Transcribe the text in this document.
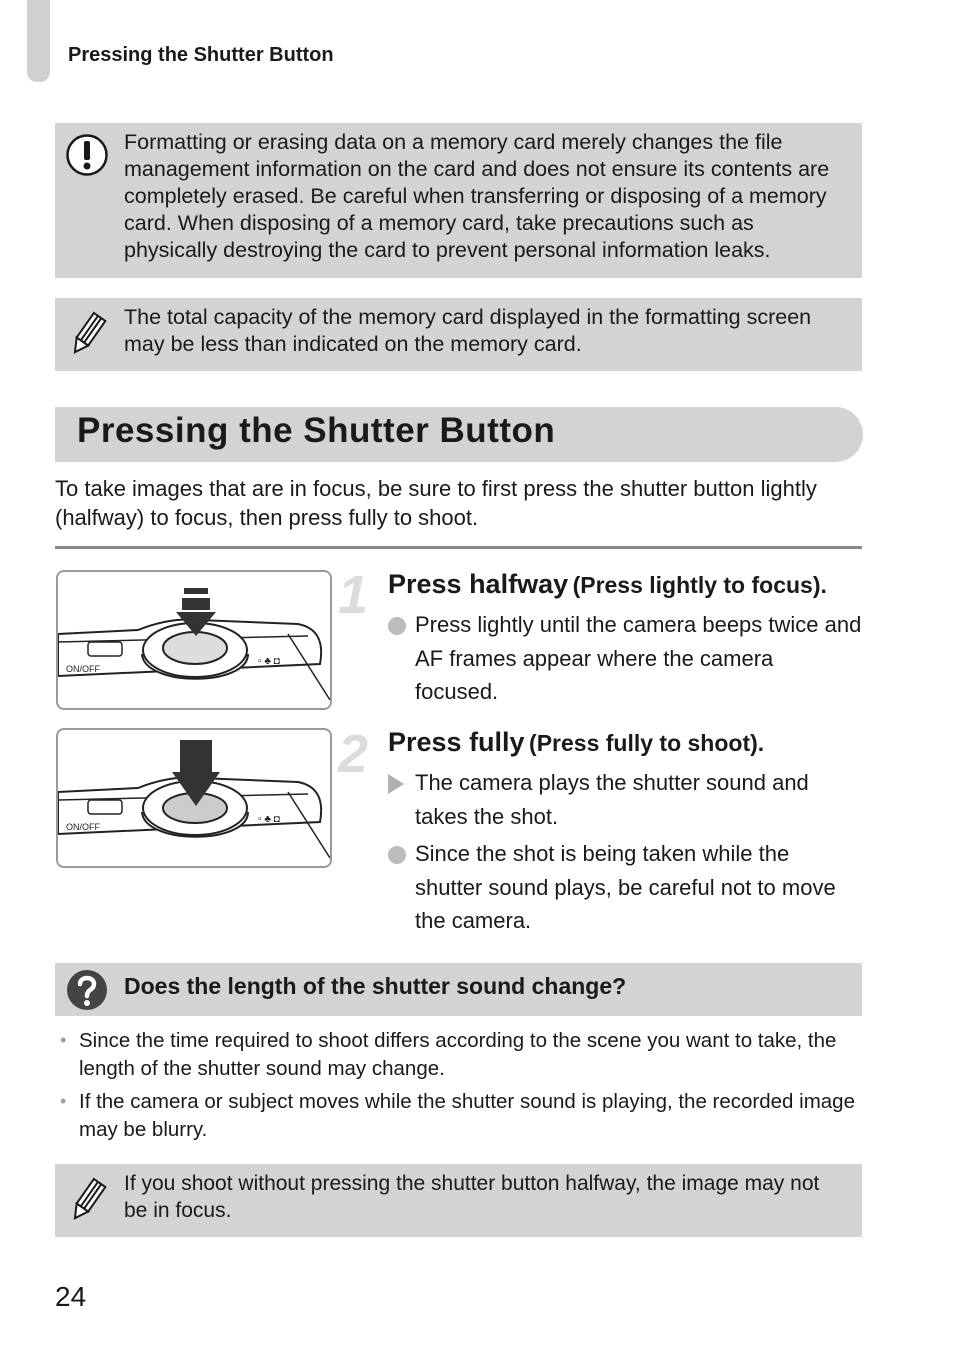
Pressing the Shutter Button
Formatting or erasing data on a memory card merely changes the file management information on the card and does not ensure its contents are completely erased. Be careful when transferring or disposing of a memory card. When disposing of a memory card, take precautions such as physically destroying the card to prevent personal information leaks.
The total capacity of the memory card displayed in the formatting screen may be less than indicated on the memory card.
Pressing the Shutter Button
To take images that are in focus, be sure to first press the shutter button lightly (halfway) to focus, then press fully to shoot.
ON/OFF
▫ ♣ ◘
ON/OFF
▫ ♣ ◘
1 Press halfway (Press lightly to focus).
Press lightly until the camera beeps twice and AF frames appear where the camera focused.
2 Press fully (Press fully to shoot).
The camera plays the shutter sound and takes the shot.
Since the shot is being taken while the shutter sound plays, be careful not to move the camera.
Does the length of the shutter sound change?
• Since the time required to shoot differs according to the scene you want to take, the length of the shutter sound may change.
• If the camera or subject moves while the shutter sound is playing, the recorded image may be blurry.
If you shoot without pressing the shutter button halfway, the image may not be in focus.
24
